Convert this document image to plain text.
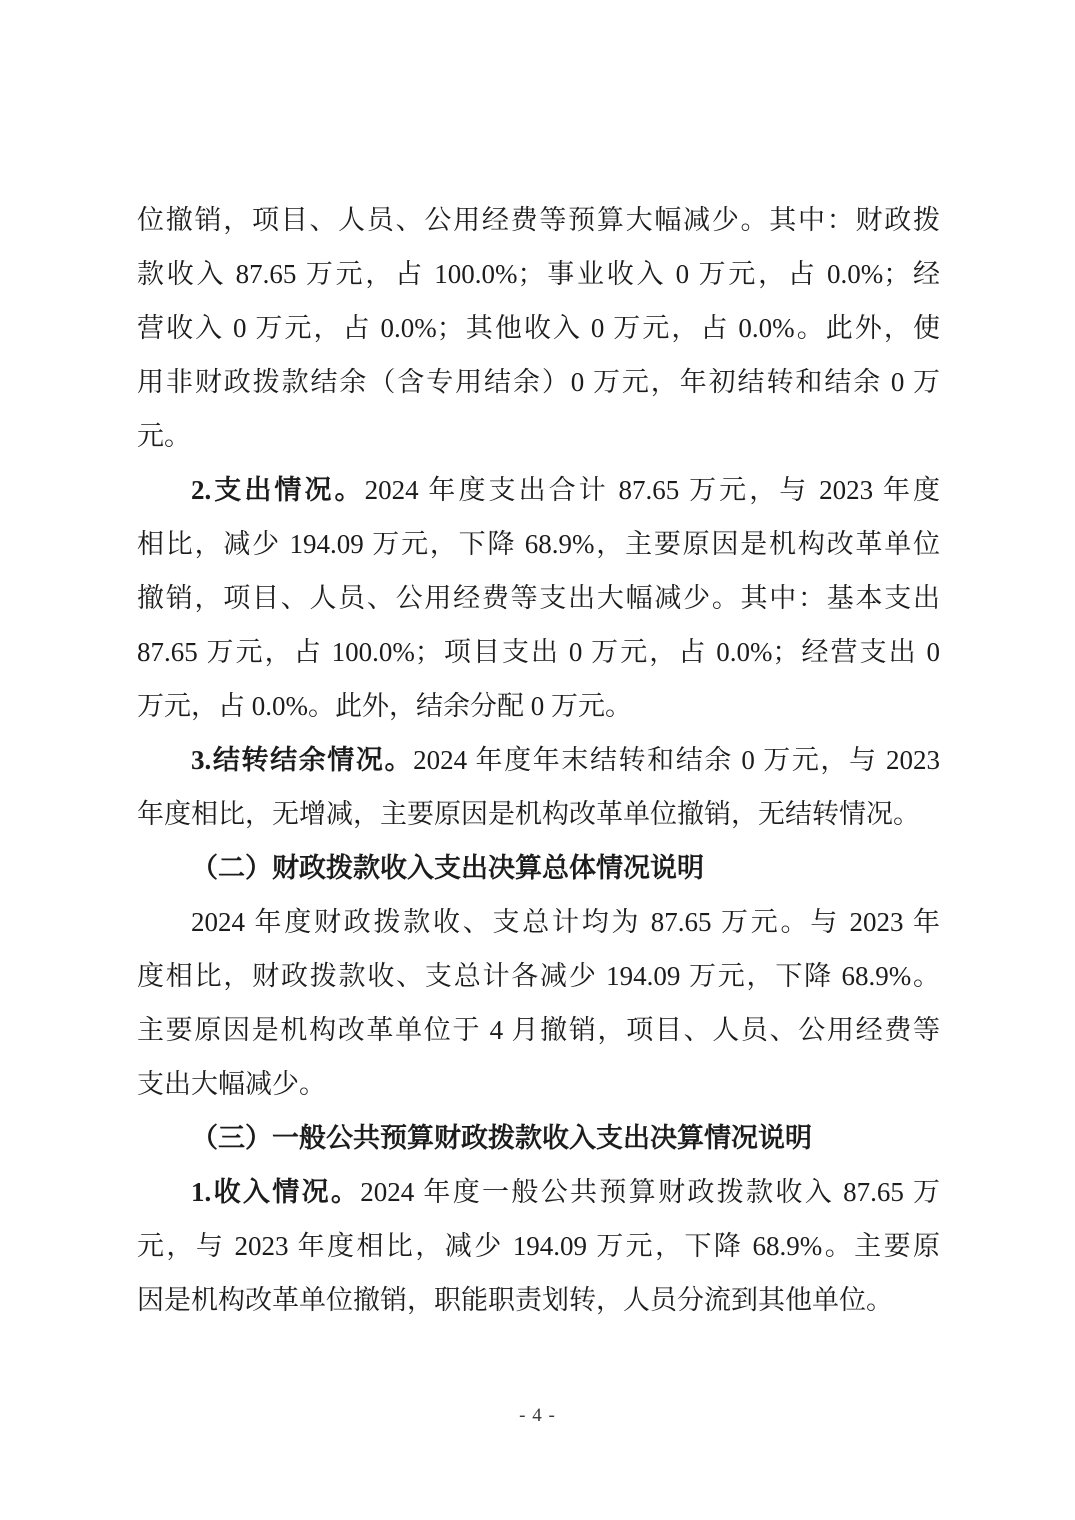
位撤销，项目、人员、公用经费等预算大幅减少。其中：财政拨
款收入 87.65 万元，占 100.0%；事业收入 0 万元，占 0.0%；经
营收入 0 万元，占 0.0%；其他收入 0 万元，占 0.0%。此外，使
用非财政拨款结余（含专用结余）0 万元，年初结转和结余 0 万
元。
2.支出情况。2024 年度支出合计 87.65 万元，与 2023 年度
相比，减少 194.09 万元，下降 68.9%，主要原因是机构改革单位
撤销，项目、人员、公用经费等支出大幅减少。其中：基本支出
87.65 万元，占 100.0%；项目支出 0 万元，占 0.0%；经营支出 0
万元，占 0.0%。此外，结余分配 0 万元。
3.结转结余情况。2024 年度年末结转和结余 0 万元，与 2023
年度相比，无增减，主要原因是机构改革单位撤销，无结转情况。
（二）财政拨款收入支出决算总体情况说明
2024 年度财政拨款收、支总计均为 87.65 万元。与 2023 年
度相比，财政拨款收、支总计各减少 194.09 万元，下降 68.9%。
主要原因是机构改革单位于 4 月撤销，项目、人员、公用经费等
支出大幅减少。
（三）一般公共预算财政拨款收入支出决算情况说明
1.收入情况。2024 年度一般公共预算财政拨款收入 87.65 万
元，与 2023 年度相比，减少 194.09 万元，下降 68.9%。主要原
因是机构改革单位撤销，职能职责划转，人员分流到其他单位。
- 4 -
